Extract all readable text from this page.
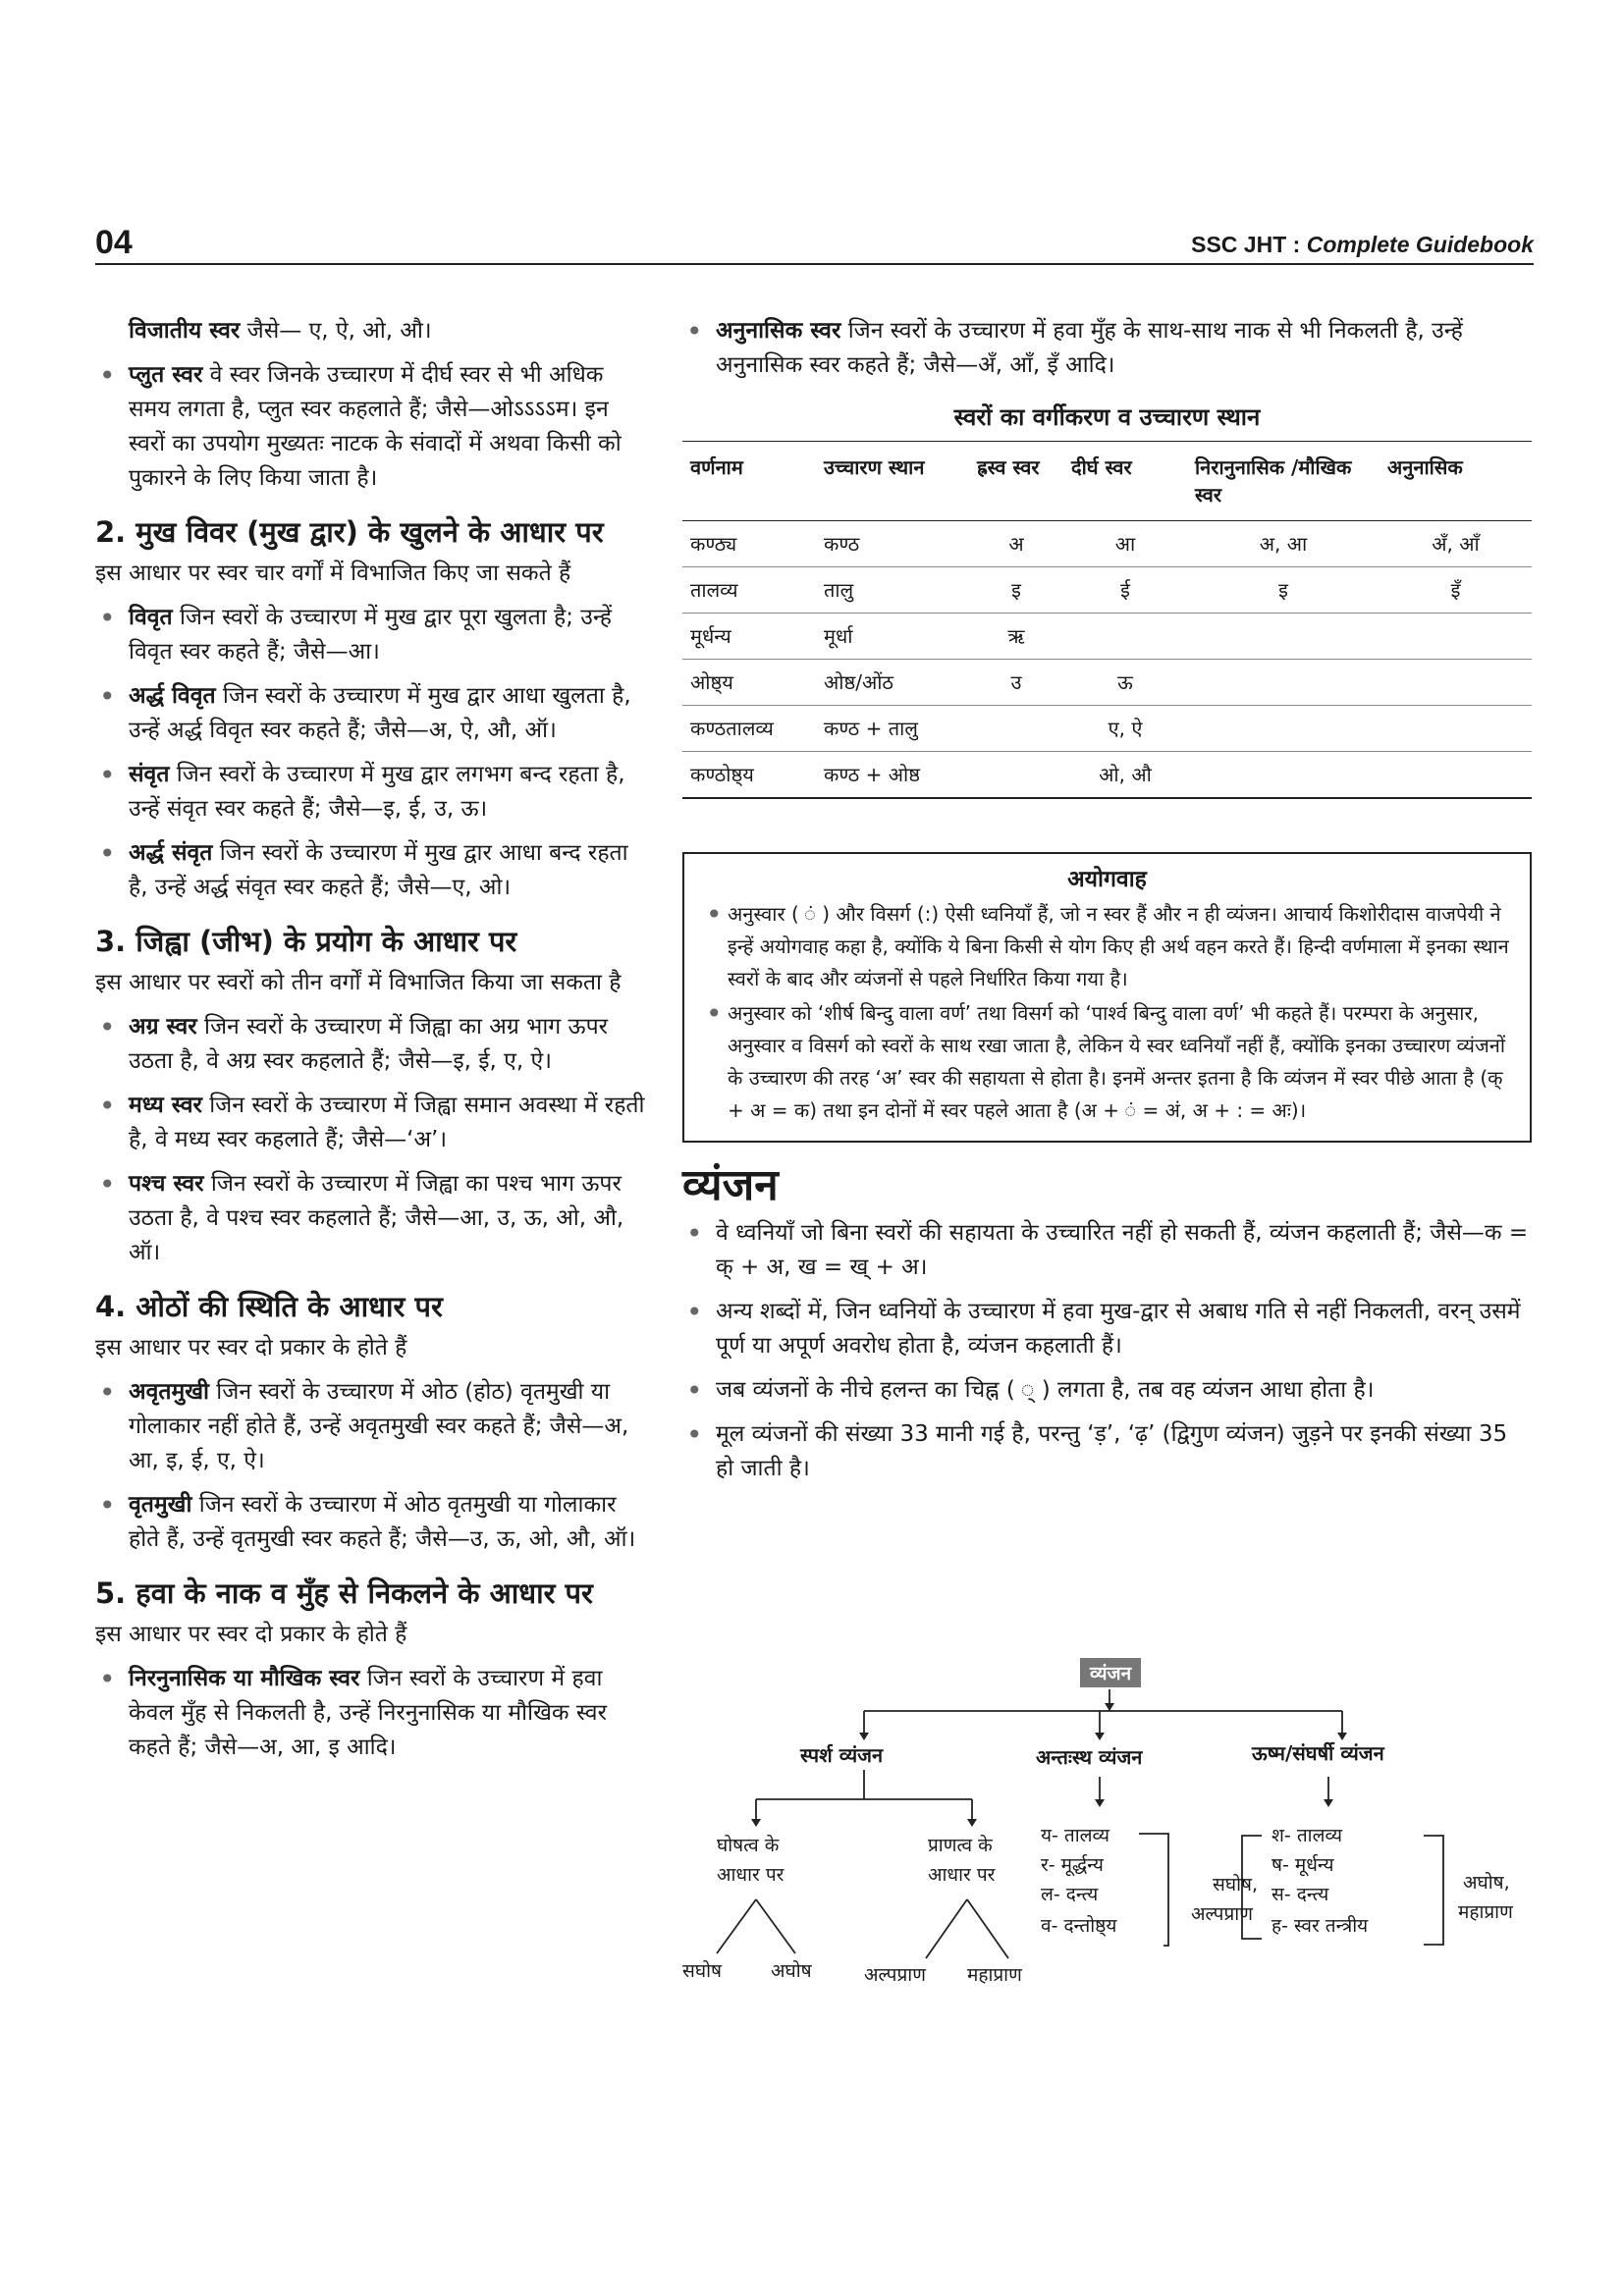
04	SSC JHT : Complete Guidebook

विजातीय स्वर जैसे— ए, ऐ, ओ, औ।

• प्लुत स्वर वे स्वर जिनके उच्चारण में दीर्घ स्वर से भी अधिक समय लगता है, प्लुत स्वर कहलाते हैं; जैसे—ओऽऽऽऽम। इन स्वरों का उपयोग मुख्यतः नाटक के संवादों में अथवा किसी को पुकारने के लिए किया जाता है।
2. मुख विवर (मुख द्वार) के खुलने के आधार पर

इस आधार पर स्वर चार वर्गों में विभाजित किए जा सकते हैं

• विवृत जिन स्वरों के उच्चारण में मुख द्वार पूरा खुलता है; उन्हें विवृत स्वर कहते हैं; जैसे—आ।
• अर्द्ध विवृत जिन स्वरों के उच्चारण में मुख द्वार आधा खुलता है, उन्हें अर्द्ध विवृत स्वर कहते हैं; जैसे—अ, ऐ, औ, ऑ।
• संवृत जिन स्वरों के उच्चारण में मुख द्वार लगभग बन्द रहता है, उन्हें संवृत स्वर कहते हैं; जैसे—इ, ई, उ, ऊ।
• अर्द्ध संवृत जिन स्वरों के उच्चारण में मुख द्वार आधा बन्द रहता है, उन्हें अर्द्ध संवृत स्वर कहते हैं; जैसे—ए, ओ।
3. जिह्वा (जीभ) के प्रयोग के आधार पर

इस आधार पर स्वरों को तीन वर्गों में विभाजित किया जा सकता है

• अग्र स्वर जिन स्वरों के उच्चारण में जिह्वा का अग्र भाग ऊपर उठता है, वे अग्र स्वर कहलाते हैं; जैसे—इ, ई, ए, ऐ।
• मध्य स्वर जिन स्वरों के उच्चारण में जिह्वा समान अवस्था में रहती है, वे मध्य स्वर कहलाते हैं; जैसे—‘अ’।
• पश्च स्वर जिन स्वरों के उच्चारण में जिह्वा का पश्च भाग ऊपर उठता है, वे पश्च स्वर कहलाते हैं; जैसे—आ, उ, ऊ, ओ, औ, ऑ।
4. ओठों की स्थिति के आधार पर

इस आधार पर स्वर दो प्रकार के होते हैं

• अवृतमुखी जिन स्वरों के उच्चारण में ओठ (होठ) वृतमुखी या गोलाकार नहीं होते हैं, उन्हें अवृतमुखी स्वर कहते हैं; जैसे—अ, आ, इ, ई, ए, ऐ।
• वृतमुखी जिन स्वरों के उच्चारण में ओठ वृतमुखी या गोलाकार होते हैं, उन्हें वृतमुखी स्वर कहते हैं; जैसे—उ, ऊ, ओ, औ, ऑ।
5. हवा के नाक व मुँह से निकलने के आधार पर

इस आधार पर स्वर दो प्रकार के होते हैं

• निरनुनासिक या मौखिक स्वर जिन स्वरों के उच्चारण में हवा केवल मुँह से निकलती है, उन्हें निरनुनासिक या मौखिक स्वर कहते हैं; जैसे—अ, आ, इ आदि।
• अनुनासिक स्वर जिन स्वरों के उच्चारण में हवा मुँह के साथ-साथ नाक से भी निकलती है, उन्हें अनुनासिक स्वर कहते हैं; जैसे—अँ, आँ, इँ आदि।
स्वरों का वर्गीकरण व उच्चारण स्थान
वर्णनाम	उच्चारण स्थान	ह्रस्व स्वर	दीर्घ स्वर	निरानुनासिक /मौखिक स्वर	अनुनासिक
कण्ठ्य	कण्ठ	अ	आ	अ, आ	अँ, आँ
तालव्य	तालु	इ	ई	इ	इँ
मूर्धन्य	मूर्धा	ऋ			
ओष्ठ्य	ओष्ठ/ओंठ	उ	ऊ		
कण्ठतालव्य	कण्ठ + तालु		ए, ऐ		
कण्ठोष्ठ्य	कण्ठ + ओष्ठ		ओ, औ		
अयोगवाह
• अनुस्वार ( ं ) और विसर्ग (:) ऐसी ध्वनियाँ हैं, जो न स्वर हैं और न ही व्यंजन। आचार्य किशोरीदास वाजपेयी ने इन्हें अयोगवाह कहा है, क्योंकि ये बिना किसी से योग किए ही अर्थ वहन करते हैं। हिन्दी वर्णमाला में इनका स्थान स्वरों के बाद और व्यंजनों से पहले निर्धारित किया गया है।
• अनुस्वार को ‘शीर्ष बिन्दु वाला वर्ण’ तथा विसर्ग को ‘पार्श्व बिन्दु वाला वर्ण’ भी कहते हैं। परम्परा के अनुसार, अनुस्वार व विसर्ग को स्वरों के साथ रखा जाता है, लेकिन ये स्वर ध्वनियाँ नहीं हैं, क्योंकि इनका उच्चारण व्यंजनों के उच्चारण की तरह ‘अ’ स्वर की सहायता से होता है। इनमें अन्तर इतना है कि व्यंजन में स्वर पीछे आता है (क् + अ = क) तथा इन दोनों में स्वर पहले आता है (अ + ं = अं, अ + : = अः)।
व्यंजन
• वे ध्वनियाँ जो बिना स्वरों की सहायता के उच्चारित नहीं हो सकती हैं, व्यंजन कहलाती हैं; जैसे—क = क् + अ, ख = ख् + अ।
• अन्य शब्दों में, जिन ध्वनियों के उच्चारण में हवा मुख-द्वार से अबाध गति से नहीं निकलती, वरन् उसमें पूर्ण या अपूर्ण अवरोध होता है, व्यंजन कहलाती हैं।
• जब व्यंजनों के नीचे हलन्त का चिह्न ( ् ) लगता है, तब वह व्यंजन आधा होता है।
• मूल व्यंजनों की संख्या 33 मानी गई है, परन्तु ‘ड़’, ‘ढ़’ (द्विगुण व्यंजन) जुड़ने पर इनकी संख्या 35 हो जाती है।
व्यंजन
स्पर्श व्यंजन	अन्तःस्थ व्यंजन	ऊष्म/संघर्षी व्यंजन
घोषत्व के
आधार पर
प्राणत्व के
आधार पर
सघोष	अघोष	अल्पप्राण महाप्राण
य- तालव्य
र- मूर्द्धन्य
ल- दन्त्य
व- दन्तोष्ठ्य
सघोष,
अल्पप्राण
श- तालव्य
ष- मूर्धन्य
स- दन्त्य
ह- स्वर तन्त्रीय
अघोष,
महाप्राण
